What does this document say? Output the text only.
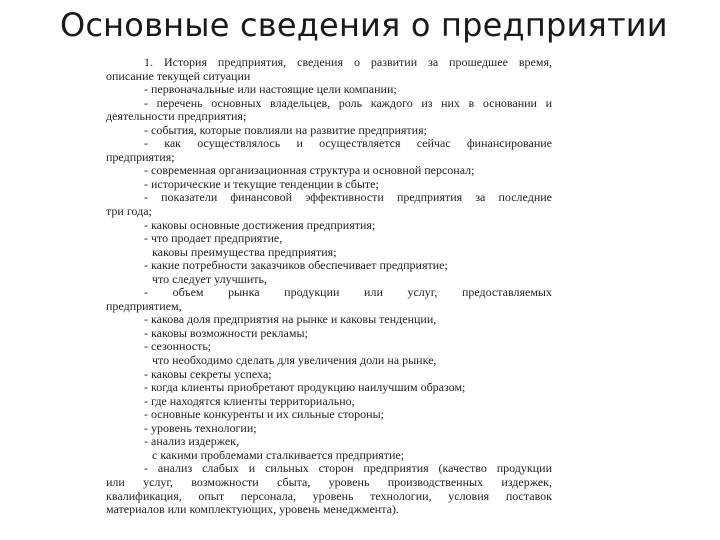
Основные сведения о предприятии
1. История предприятия, сведения о развитии за прошедшее время,
описание текущей ситуации
- первоначальные или настоящие цели компании;
- перечень основных владельцев, роль каждого из них в основании и
деятельности предприятия;
- события, которые повлияли на развитие предприятия;
- как осуществлялось и осуществляется сейчас финансирование
предприятия;
- современная организационная структура и основной персонал;
- исторические и текущие тенденции в сбыте;
- показатели финансовой эффективности предприятия за последние
три года;
- каковы основные достижения предприятия;
- что продает предприятие,
каковы преимущества предприятия;
- какие потребности заказчиков обеспечивает предприятие;
что следует улучшить,
- объем рынка продукции или услуг, предоставляемых
предприятием,
- какова доля предприятия на рынке и каковы тенденции,
- каковы возможности рекламы;
- сезонность;
что необходимо сделать для увеличения доли на рынке,
- каковы секреты успеха;
- когда клиенты приобретают продукцию наилучшим образом;
- где находятся клиенты территориально,
- основные конкуренты и их сильные стороны;
- уровень технологии;
- анализ издержек,
с какими проблемами сталкивается предприятие;
- анализ слабых и сильных сторон предприятия (качество продукции
или услуг, возможности сбыта, уровень производственных издержек,
квалификация, опыт персонала, уровень технологии, условия поставок
материалов или комплектующих, уровень менеджмента).
